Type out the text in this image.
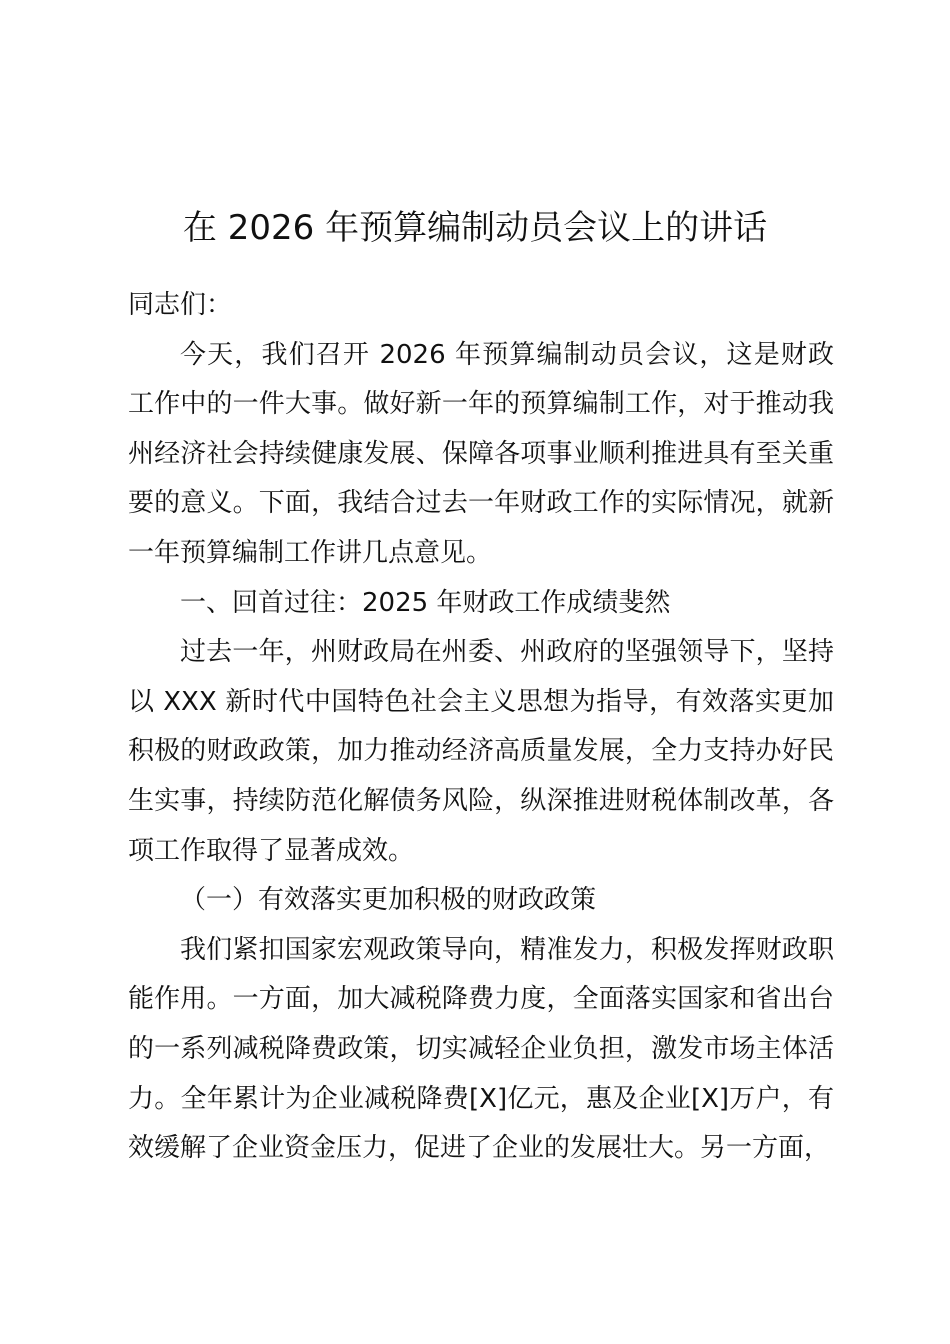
在 2026 年预算编制动员会议上的讲话

同志们：

今天，我们召开 2026 年预算编制动员会议，这是财政工作中的一件大事。做好新一年的预算编制工作，对于推动我州经济社会持续健康发展、保障各项事业顺利推进具有至关重要的意义。下面，我结合过去一年财政工作的实际情况，就新一年预算编制工作讲几点意见。

一、回首过往：2025 年财政工作成绩斐然

过去一年，州财政局在州委、州政府的坚强领导下，坚持以 XXX 新时代中国特色社会主义思想为指导，有效落实更加积极的财政政策，加力推动经济高质量发展，全力支持办好民生实事，持续防范化解债务风险，纵深推进财税体制改革，各项工作取得了显著成效。

（一）有效落实更加积极的财政政策

我们紧扣国家宏观政策导向，精准发力，积极发挥财政职能作用。一方面，加大减税降费力度，全面落实国家和省出台的一系列减税降费政策，切实减轻企业负担，激发市场主体活力。全年累计为企业减税降费[X]亿元，惠及企业[X]万户，有效缓解了企业资金压力，促进了企业的发展壮大。另一方面，
